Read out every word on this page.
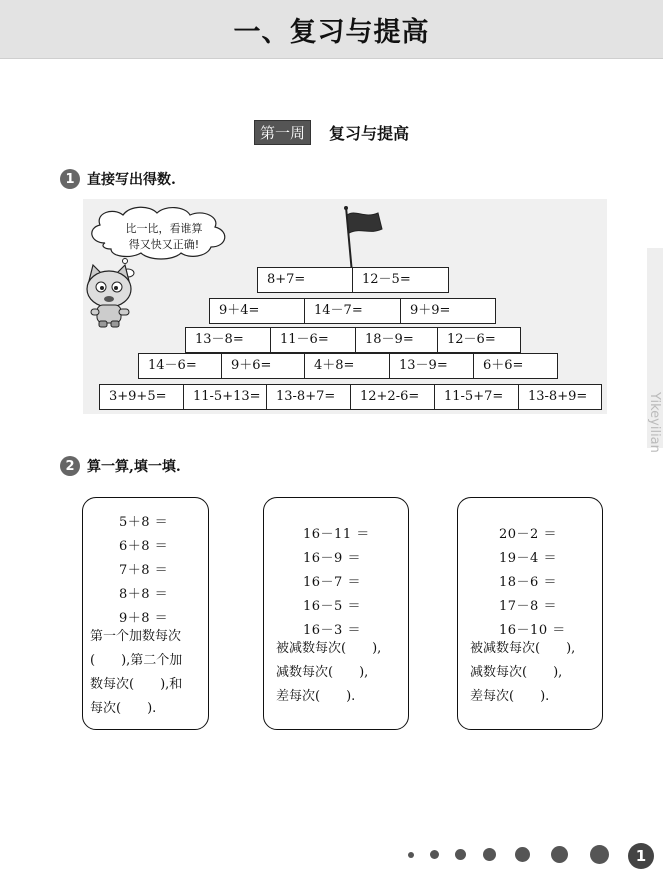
一、复习与提高
第一周	复习与提高
1 直接写出得数.
比一比，看谁算
得又快又正确!
8+7=	12－5=
9＋4=	14－7=	9＋9=
13－8=	11－6=	18－9=	12－6=
14－6=	9＋6=	4＋8=	13－9=	6＋6=
3+9+5=	11-5+13=	13-8+7=	12+2-6=	11-5+7=	13-8+9=
2 算一算,填一填.
5＋8 ＝
6＋8 ＝
7＋8 ＝
8＋8 ＝
9＋8 ＝
第一个加数每次
(　　),第二个加
数每次(　　),和
每次(　　).
16－11 ＝
16－9 ＝
16－7 ＝
16－5 ＝
16－3 ＝
被减数每次(　　),
减数每次(　　),
差每次(　　).
20－2 ＝
19－4 ＝
18－6 ＝
17－8 ＝
16－10 ＝
被减数每次(　　),
减数每次(　　),
差每次(　　).
Yikeyilian
1
